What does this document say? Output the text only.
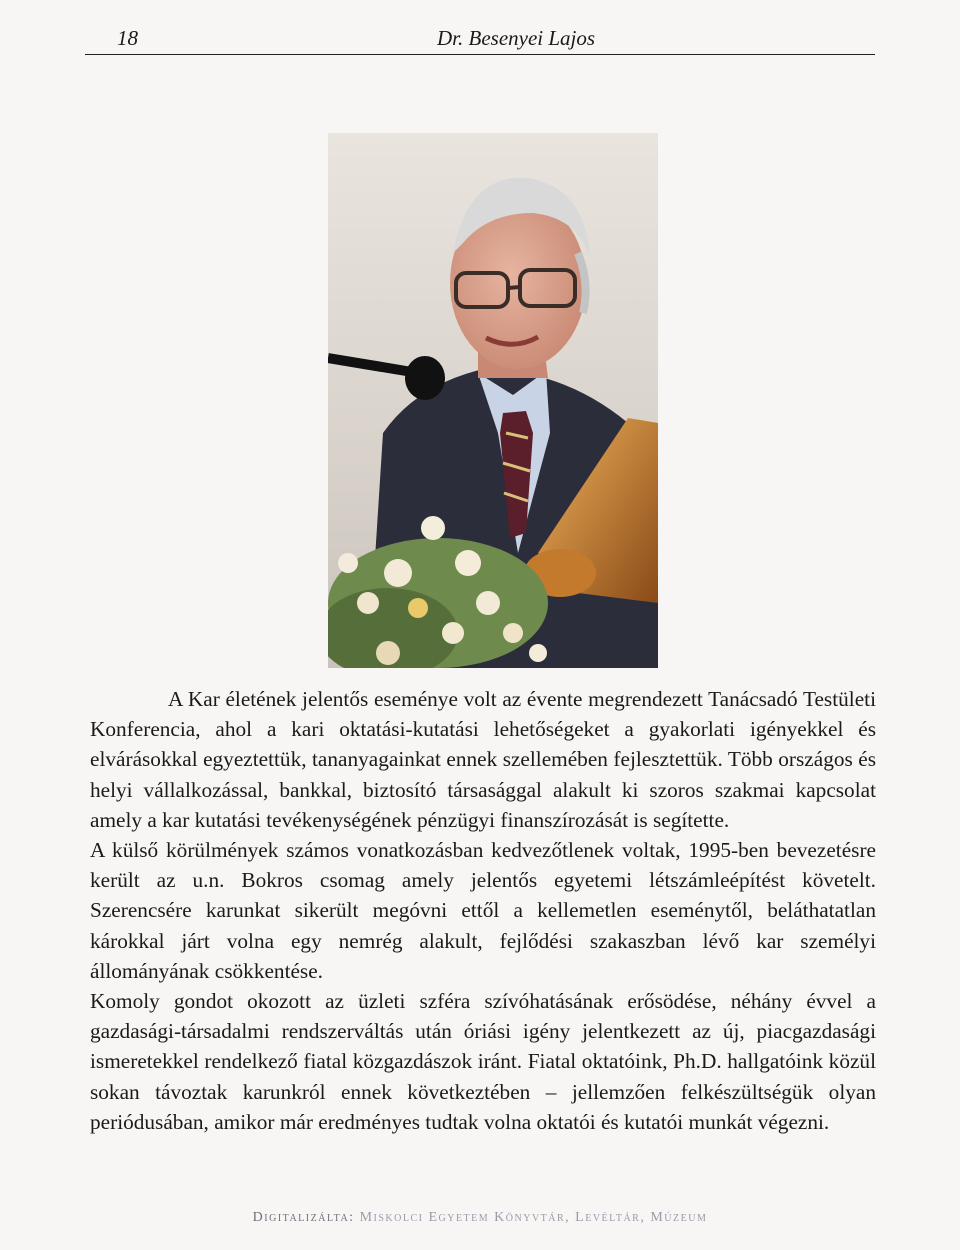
18	Dr. Besenyei Lajos

A Kar életének jelentős eseménye volt az évente megrendezett Tanácsadó Testületi Konferencia, ahol a kari oktatási-kutatási lehetőségeket a gyakorlati igényekkel és elvárásokkal egyeztettük, tananyagainkat ennek szellemében fejlesztettük. Több országos és helyi vállalkozással, bankkal, biztosító társasággal alakult ki szoros szakmai kapcsolat amely a kar kutatási tevékenységének pénzügyi finanszírozását is segítette.

A külső körülmények számos vonatkozásban kedvezőtlenek voltak, 1995-ben bevezetésre került az u.n. Bokros csomag amely jelentős egyetemi létszámleépítést követelt. Szerencsére karunkat sikerült megóvni ettől a kellemetlen eseménytől, beláthatatlan károkkal járt volna egy nemrég alakult, fejlődési szakaszban lévő kar személyi állományának csökkentése.

Komoly gondot okozott az üzleti szféra szívóhatásának erősödése, néhány évvel a gazdasági-társadalmi rendszerváltás után óriási igény jelentkezett az új, piacgazdasági ismeretekkel rendelkező fiatal közgazdászok iránt. Fiatal oktatóink, Ph.D. hallgatóink közül sokan távoztak karunkról ennek következtében – jellemzően felkészültségük olyan periódusában, amikor már eredményes tudtak volna oktatói és kutatói munkát végezni.

Digitalizálta: Miskolci Egyetem Könyvtár, Levéltár, Múzeum
